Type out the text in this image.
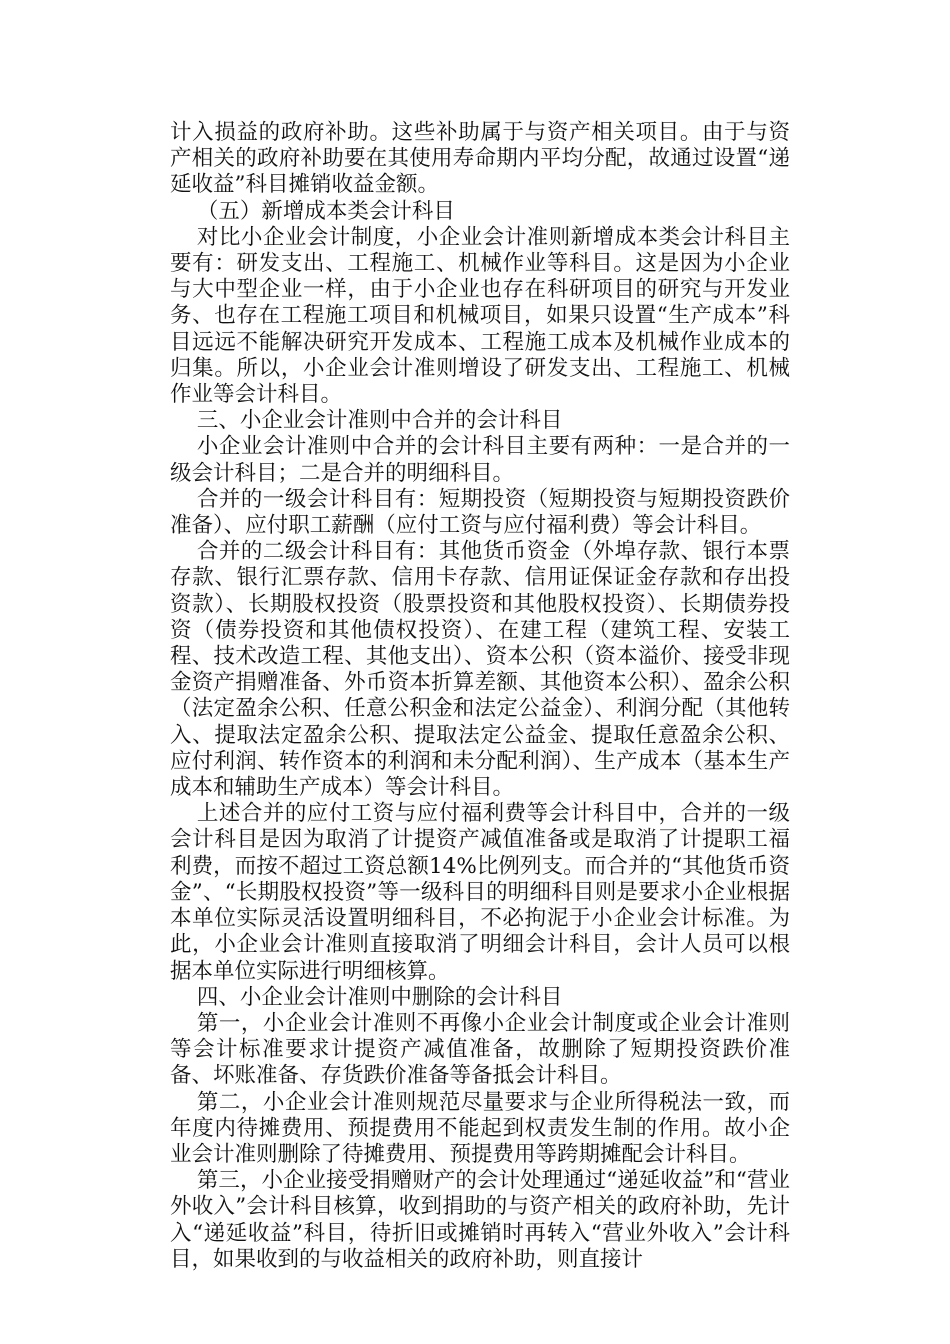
计入损益的政府补助。这些补助属于与资产相关项目。由于与资产相关的政府补助要在其使用寿命期内平均分配，故通过设置“递延收益”科目摊销收益金额。

（五）新增成本类会计科目

对比小企业会计制度，小企业会计准则新增成本类会计科目主要有：研发支出、工程施工、机械作业等科目。这是因为小企业与大中型企业一样，由于小企业也存在科研项目的研究与开发业务、也存在工程施工项目和机械项目，如果只设置“生产成本”科目远远不能解决研究开发成本、工程施工成本及机械作业成本的归集。所以，小企业会计准则增设了研发支出、工程施工、机械作业等会计科目。

三、小企业会计准则中合并的会计科目

小企业会计准则中合并的会计科目主要有两种：一是合并的一级会计科目；二是合并的明细科目。

合并的一级会计科目有：短期投资（短期投资与短期投资跌价准备）、应付职工薪酬（应付工资与应付福利费）等会计科目。

合并的二级会计科目有：其他货币资金（外埠存款、银行本票存款、银行汇票存款、信用卡存款、信用证保证金存款和存出投资款）、长期股权投资（股票投资和其他股权投资）、长期债券投资（债券投资和其他债权投资）、在建工程（建筑工程、安装工程、技术改造工程、其他支出）、资本公积（资本溢价、接受非现金资产捐赠准备、外币资本折算差额、其他资本公积）、盈余公积（法定盈余公积、任意公积金和法定公益金）、利润分配（其他转入、提取法定盈余公积、提取法定公益金、提取任意盈余公积、应付利润、转作资本的利润和未分配利润）、生产成本（基本生产成本和辅助生产成本）等会计科目。

上述合并的应付工资与应付福利费等会计科目中，合并的一级会计科目是因为取消了计提资产减值准备或是取消了计提职工福利费，而按不超过工资总额14%比例列支。而合并的“其他货币资金”、“长期股权投资”等一级科目的明细科目则是要求小企业根据本单位实际灵活设置明细科目，不必拘泥于小企业会计标准。为此，小企业会计准则直接取消了明细会计科目，会计人员可以根据本单位实际进行明细核算。

四、小企业会计准则中删除的会计科目

第一，小企业会计准则不再像小企业会计制度或企业会计准则等会计标准要求计提资产减值准备，故删除了短期投资跌价准备、坏账准备、存货跌价准备等备抵会计科目。

第二，小企业会计准则规范尽量要求与企业所得税法一致，而年度内待摊费用、预提费用不能起到权责发生制的作用。故小企业会计准则删除了待摊费用、预提费用等跨期摊配会计科目。

第三，小企业接受捐赠财产的会计处理通过“递延收益”和“营业外收入”会计科目核算，收到捐助的与资产相关的政府补助，先计入“递延收益”科目，待折旧或摊销时再转入“营业外收入”会计科目，如果收到的与收益相关的政府补助，则直接计
